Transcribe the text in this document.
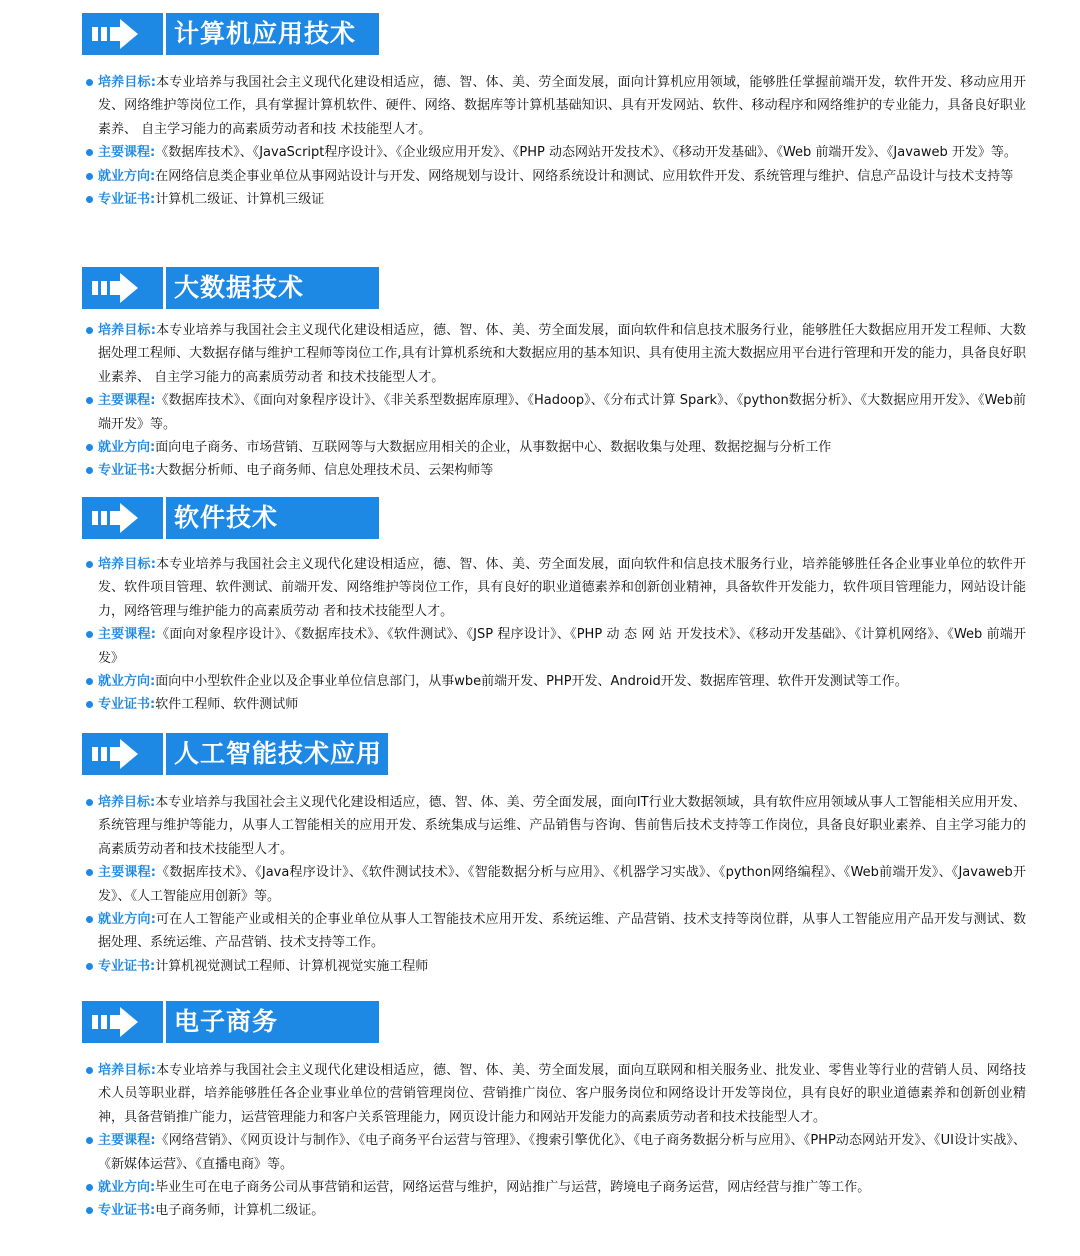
计算机应用技术
培养目标:本专业培养与我国社会主义现代化建设相适应，德、智、体、美、劳全面发展，面向计算机应用领域，能够胜任掌握前端开发，软件开发、移动应用开发、网络维护等岗位工作，具有掌握计算机软件、硬件、网络、数据库等计算机基础知识、具有开发网站、软件、移动程序和网络维护的专业能力，具备良好职业素养、 自主学习能力的高素质劳动者和技 术技能型人才。
主要课程:《数据库技术》、《JavaScript程序设计》、《企业级应用开发》、《PHP 动态网站开发技术》、《移动开发基础》、《Web 前端开发》、《Javaweb 开发》等。
就业方向:在网络信息类企事业单位从事网站设计与开发、网络规划与设计、网络系统设计和测试、应用软件开发、系统管理与维护、信息产品设计与技术支持等
专业证书:计算机二级证、计算机三级证
大数据技术
培养目标:本专业培养与我国社会主义现代化建设相适应，德、智、体、美、劳全面发展，面向软件和信息技术服务行业，能够胜任大数据应用开发工程师、大数据处理工程师、大数据存储与维护工程师等岗位工作,具有计算机系统和大数据应用的基本知识、具有使用主流大数据应用平台进行管理和开发的能力，具备良好职业素养、 自主学习能力的高素质劳动者 和技术技能型人才。
主要课程:《数据库技术》、《面向对象程序设计》、《非关系型数据库原理》、《Hadoop》、《分布式计算 Spark》、《python数据分析》、《大数据应用开发》、《Web前端开发》等。
就业方向:面向电子商务、市场营销、互联网等与大数据应用相关的企业，从事数据中心、数据收集与处理、数据挖掘与分析工作
专业证书:大数据分析师、电子商务师、信息处理技术员、云架构师等
软件技术
培养目标:本专业培养与我国社会主义现代化建设相适应，德、智、体、美、劳全面发展，面向软件和信息技术服务行业，培养能够胜任各企业事业单位的软件开发、软件项目管理、软件测试、前端开发、网络维护等岗位工作，具有良好的职业道德素养和创新创业精神，具备软件开发能力，软件项目管理能力，网站设计能力，网络管理与维护能力的高素质劳动 者和技术技能型人才。
主要课程:《面向对象程序设计》、《数据库技术》、《软件测试》、《JSP 程序设计》、《PHP 动 态 网 站 开发技术》、《移动开发基础》、《计算机网络》、《Web 前端开发》
就业方向:面向中小型软件企业以及企事业单位信息部门，从事wbe前端开发、PHP开发、Android开发、数据库管理、软件开发测试等工作。
专业证书:软件工程师、软件测试师
人工智能技术应用
培养目标:本专业培养与我国社会主义现代化建设相适应，德、智、体、美、劳全面发展，面向IT行业大数据领域，具有软件应用领域从事人工智能相关应用开发、系统管理与维护等能力，从事人工智能相关的应用开发、系统集成与运维、产品销售与咨询、售前售后技术支持等工作岗位，具备良好职业素养、自主学习能力的高素质劳动者和技术技能型人才。
主要课程:《数据库技术》、《Java程序设计》、《软件测试技术》、《智能数据分析与应用》、《机器学习实战》、《python网络编程》、《Web前端开发》、《Javaweb开发》、《人工智能应用创新》等。
就业方向:可在人工智能产业或相关的企事业单位从事人工智能技术应用开发、系统运维、产品营销、技术支持等岗位群，从事人工智能应用产品开发与测试、数据处理、系统运维、产品营销、技术支持等工作。
专业证书:计算机视觉测试工程师、计算机视觉实施工程师
电子商务
培养目标:本专业培养与我国社会主义现代化建设相适应，德、智、体、美、劳全面发展，面向互联网和相关服务业、批发业、零售业等行业的营销人员、网络技术人员等职业群，培养能够胜任各企业事业单位的营销管理岗位、营销推广岗位、客户服务岗位和网络设计开发等岗位，具有良好的职业道德素养和创新创业精神，具备营销推广能力，运营管理能力和客户关系管理能力，网页设计能力和网站开发能力的高素质劳动者和技术技能型人才。
主要课程:《网络营销》、《网页设计与制作》、《电子商务平台运营与管理》、《搜索引擎优化》、《电子商务数据分析与应用》、《PHP动态网站开发》、《UI设计实战》、《新媒体运营》、《直播电商》等。
就业方向:毕业生可在电子商务公司从事营销和运营，网络运营与维护，网站推广与运营，跨境电子商务运营，网店经营与推广等工作。
专业证书:电子商务师，计算机二级证。
